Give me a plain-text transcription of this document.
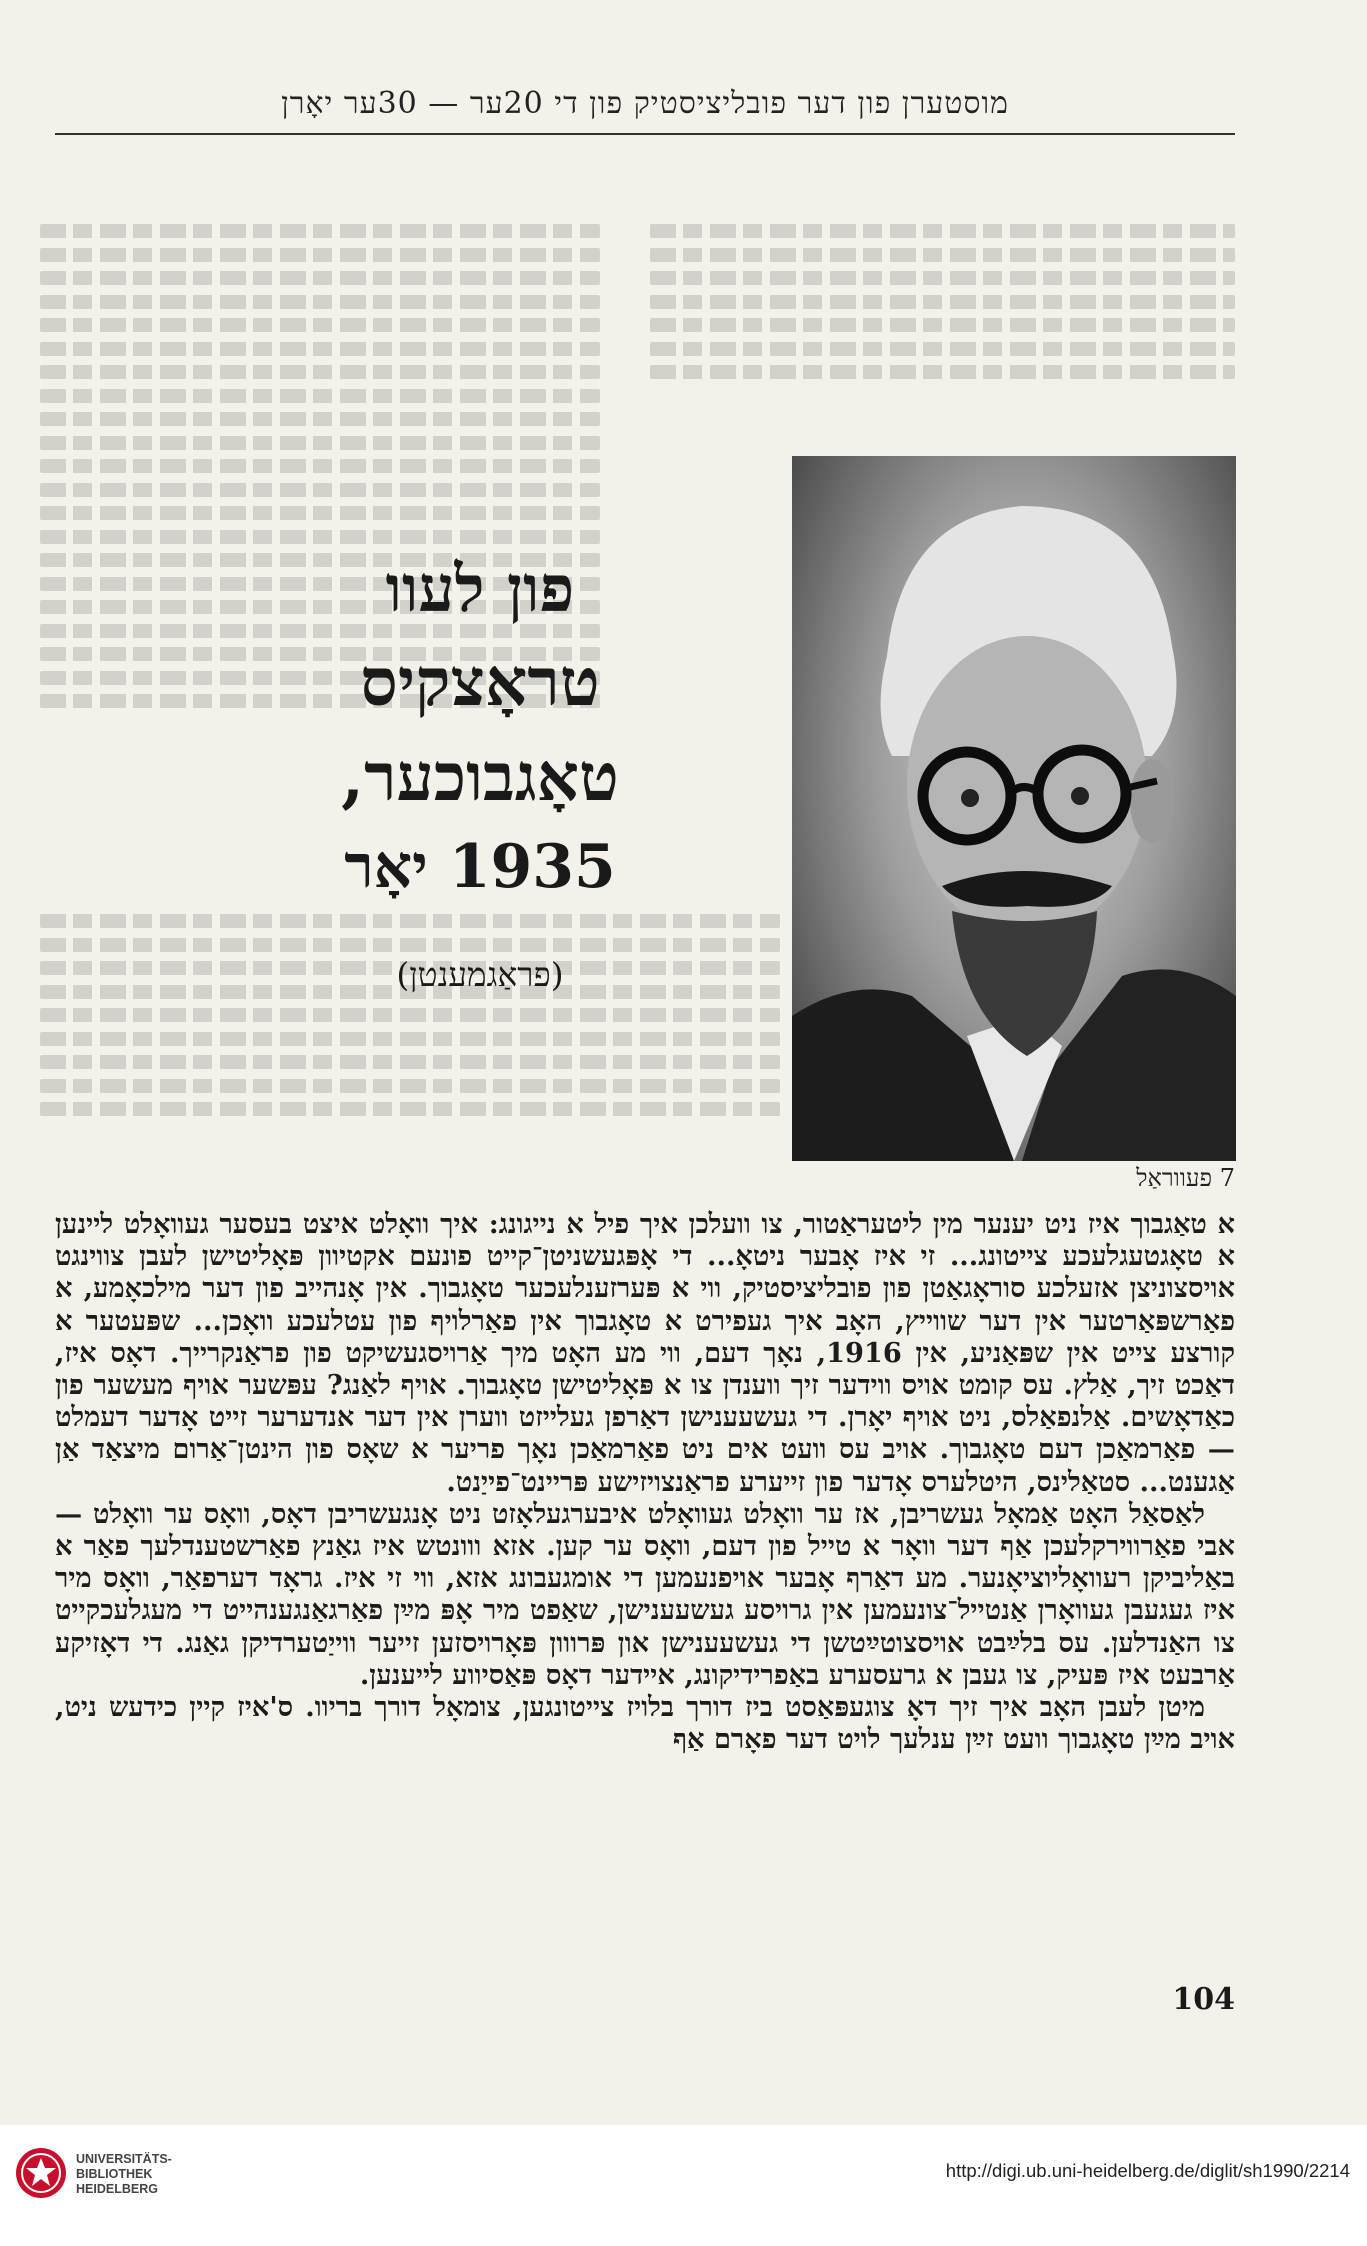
מוסטערן פון דער פובליציסטיק פון די 20ער — 30ער יאָרן
פון לעוו
טראָצקיס טאָגבוכער,
1935 יאָר
(פראַגמענטן)
7 פעווראַל

א טאַגבוך איז ניט יענער מין ליטעראַטור, צו וועלכן איך פיל א נייגונג: איך וואָלט איצט בעסער געוואָלט ליינען א טאָגטעגלעכע צייטונג... זי איז אָבער ניטאָ... די אָפּגעשניטן־קייט פונעם אקטיוון פּאָליטישן לעבן צווינגט אויסצוניצן אזעלכע סוראָגאַטן פון פובליציסטיק, ווי א פּערזענלעכער טאָגבוך. אין אָנהייב פון דער מילכאָמע, א פאַרשפּאַרטער אין דער שווייץ, האָב איך געפירט א טאָגבוך אין פאַרלויף פון עטלעכע וואָכן... שפּעטער א קורצע צייט אין שפּאַניע, אין 1916, נאָך דעם, ווי מע האָט מיך אַרויסגעשיקט פון פראַנקרייך. דאָס איז, דאַכט זיך, אַלץ. עס קומט אויס ווידער זיך ווענדן צו א פּאָליטישן טאָגבוך. אויף לאַנג? עפּשער אויף מעשער פון כאַדאָשים. אַלנפאַלס, ניט אויף יאָרן. די געשעענישן דאַרפן געלייזט ווערן אין דער אנדערער זייט אָדער דעמלט — פאַרמאַכן דעם טאָגבוך. אויב עס וועט אים ניט פאַרמאַכן נאָך פריער א שאָס פון הינטן־אַרום מיצאַד אַן אַגענט... סטאַלינס, היטלערס אָדער פון זייערע פראַנצויזישע פּריינט־פייַנט.

לאַסאַל האָט אַמאָל געשריבן, אז ער וואָלט געוואָלט איבערגעלאָזט ניט אָנגעשריבן דאָס, וואָס ער וואָלט — אבי פאַרווירקלעכן אַף דער וואָר א טייל פון דעם, וואָס ער קען. אזא ווונטש איז גאַנץ פאַרשטענדלעך פאַר א באַליביקן רעוואָליוציאָנער. מע דאַרף אָבער אויפנעמען די אומגעבונג אזא, ווי זי איז. גראָד דערפאַר, וואָס מיר איז געגעבן געוואָרן אַנטייל־צונעמען אין גרויסע געשעענישן, שאַפט מיר אָפּ מײַן פאַרגאַנגענהייט די מעגלעכקייט צו האַנדלען. עס בלײַבט אויסצוטײַטשן די געשעענישן און פּרווון פּאָרויסזען זייער ווייַטערדיקן גאַנג. די דאָזיקע אַרבעט איז פּעיק, צו געבן א גרעסערע באַפרידיקונג, איידער דאָס פּאַסיווע לייענען.

מיטן לעבן האָב איך זיך דאָ צוגעפּאַסט ביז דורך בלויז צייטונגען, צומאָל דורך בריוו. ס'איז קיין כידעש ניט, אויב מײַן טאָגבוך וועט זײַן ענלעך לויט דער פאָרם אַף

104
UNIVERSITÄTS-
BIBLIOTHEK
HEIDELBERG
http://digi.ub.uni-heidelberg.de/diglit/sh1990/2214
